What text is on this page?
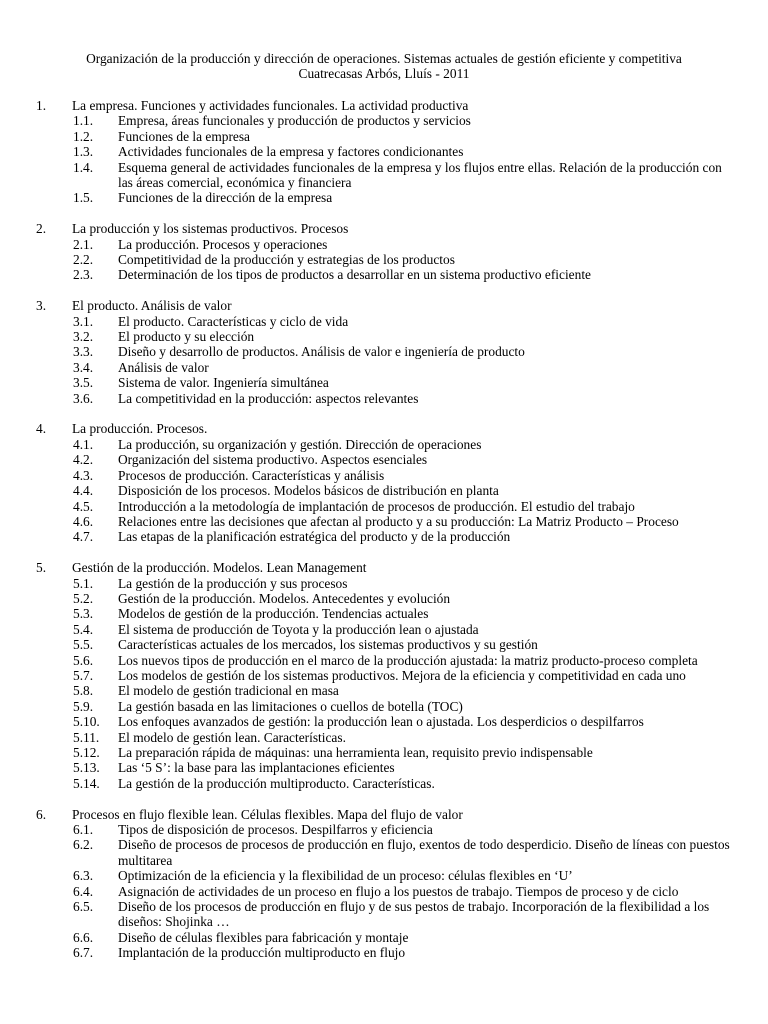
Organización de la producción y dirección de operaciones. Sistemas actuales de gestión eficiente y competitiva
Cuatrecasas Arbós, Lluís - 2011
1.	La empresa. Funciones y actividades funcionales. La actividad productiva
1.1. Empresa, áreas funcionales y producción de productos y servicios
1.2. Funciones de la empresa
1.3. Actividades funcionales de la empresa y factores condicionantes
1.4. Esquema general de actividades funcionales de la empresa y los flujos entre ellas. Relación de la producción con las áreas comercial, económica y financiera
1.5. Funciones de la dirección de la empresa
2.	La producción y los sistemas productivos. Procesos
2.1. La producción. Procesos y operaciones
2.2. Competitividad de la producción y estrategias de los productos
2.3. Determinación de los tipos de productos a desarrollar en un sistema productivo eficiente
3.	El producto. Análisis de valor
3.1. El producto. Características y ciclo de vida
3.2. El producto y su elección
3.3. Diseño y desarrollo de productos. Análisis de valor e ingeniería de producto
3.4. Análisis de valor
3.5. Sistema de valor. Ingeniería simultánea
3.6. La competitividad en la producción: aspectos relevantes
4.	La producción. Procesos.
4.1. La producción, su organización y gestión. Dirección de operaciones
4.2. Organización del sistema productivo. Aspectos esenciales
4.3. Procesos de producción. Características y análisis
4.4. Disposición de los procesos. Modelos básicos de distribución en planta
4.5. Introducción a la metodología de implantación de procesos de producción. El estudio del trabajo
4.6. Relaciones entre las decisiones que afectan al producto y a su producción: La Matriz Producto – Proceso
4.7. Las etapas de la planificación estratégica del producto y de la producción
5.	Gestión de la producción. Modelos. Lean Management
5.1. La gestión de la producción y sus procesos
5.2. Gestión de la producción. Modelos. Antecedentes y evolución
5.3. Modelos de gestión de la producción. Tendencias actuales
5.4. El sistema de producción de Toyota y la producción lean o ajustada
5.5. Características actuales de los mercados, los sistemas productivos y su gestión
5.6. Los nuevos tipos de producción en el marco de la producción ajustada: la matriz producto-proceso completa
5.7. Los modelos de gestión de los sistemas productivos. Mejora de la eficiencia y competitividad en cada uno
5.8. El modelo de gestión tradicional en masa
5.9. La gestión basada en las limitaciones o cuellos de botella (TOC)
5.10. Los enfoques avanzados de gestión: la producción lean o ajustada. Los desperdicios o despilfarros
5.11. El modelo de gestión lean. Características.
5.12. La preparación rápida de máquinas: una herramienta lean, requisito previo indispensable
5.13. Las ‘5 S’: la base para las implantaciones eficientes
5.14. La gestión de la producción multiproducto. Características.
6.	Procesos en flujo flexible lean. Células flexibles. Mapa del flujo de valor
6.1. Tipos de disposición de procesos. Despilfarros y eficiencia
6.2. Diseño de procesos de procesos de producción en flujo, exentos de todo desperdicio. Diseño de líneas con puestos multitarea
6.3. Optimización de la eficiencia y la flexibilidad de un proceso: células flexibles en ‘U’
6.4. Asignación de actividades de un proceso en flujo a los puestos de trabajo. Tiempos de proceso y de ciclo
6.5. Diseño de los procesos de producción en flujo y de sus pestos de trabajo. Incorporación de la flexibilidad a los diseños: Shojinka …
6.6. Diseño de células flexibles para fabricación y montaje
6.7. Implantación de la producción multiproducto en flujo
